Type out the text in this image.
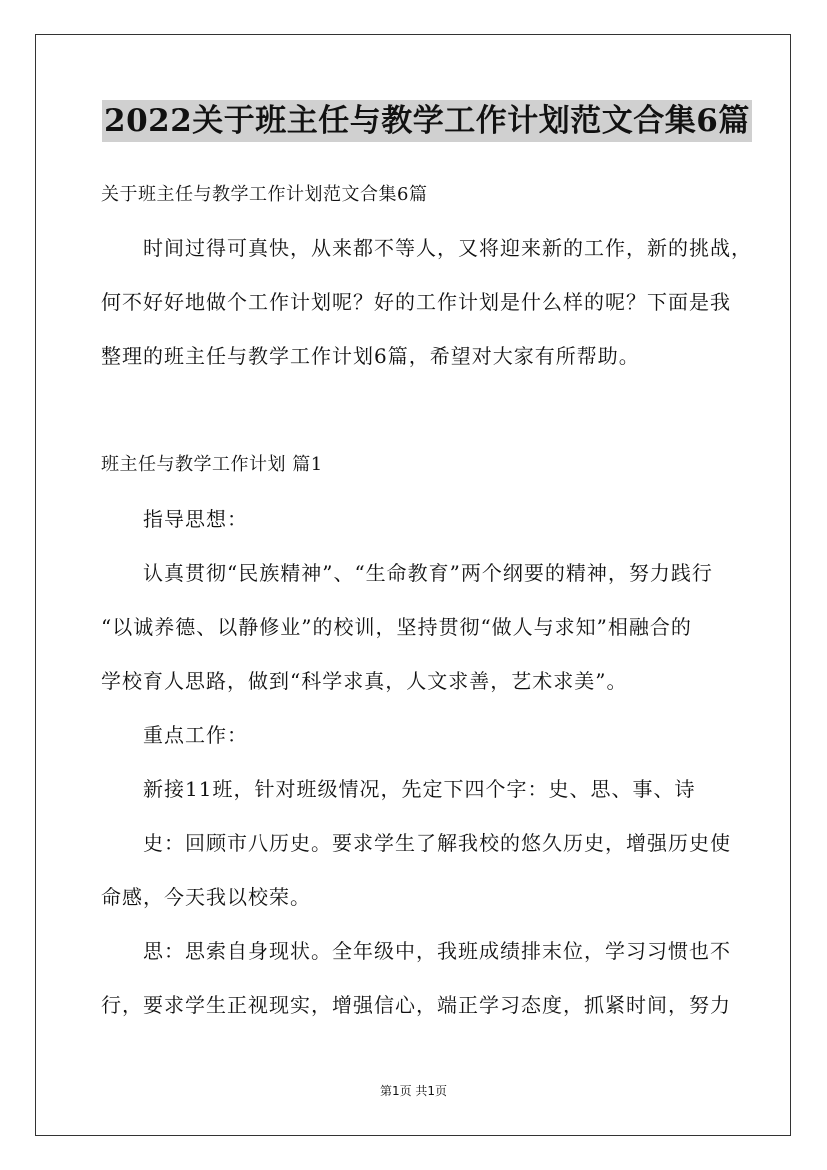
2022关于班主任与教学工作计划范文合集6篇
关于班主任与教学工作计划范文合集6篇
时间过得可真快，从来都不等人，又将迎来新的工作，新的挑战，
何不好好地做个工作计划呢？好的工作计划是什么样的呢？下面是我
整理的班主任与教学工作计划6篇，希望对大家有所帮助。
班主任与教学工作计划 篇1
指导思想：
认真贯彻“民族精神”、“生命教育”两个纲要的精神，努力践行
“以诚养德、以静修业”的校训，坚持贯彻“做人与求知”相融合的
学校育人思路，做到“科学求真，人文求善，艺术求美”。
重点工作：
新接11班，针对班级情况，先定下四个字：史、思、事、诗
史：回顾市八历史。要求学生了解我校的悠久历史，增强历史使
命感，今天我以校荣。
思：思索自身现状。全年级中，我班成绩排末位，学习习惯也不
行，要求学生正视现实，增强信心，端正学习态度，抓紧时间，努力
第1页 共1页
